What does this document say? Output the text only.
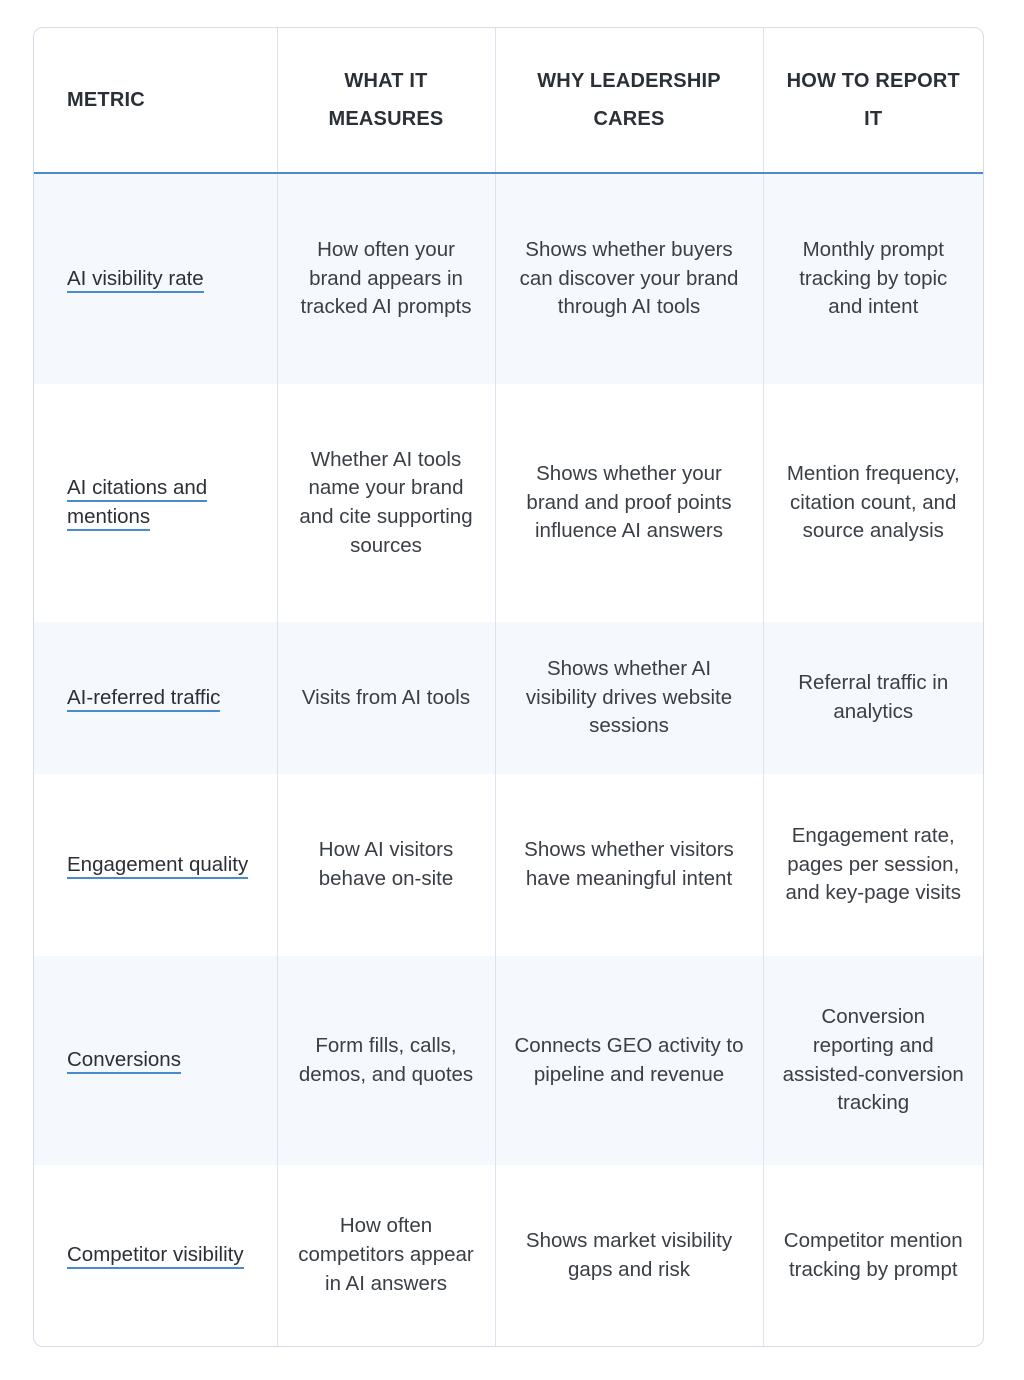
METRIC	WHAT IT MEASURES	WHY LEADERSHIP CARES	HOW TO REPORT IT
AI visibility rate	How often your brand appears in tracked AI prompts	Shows whether buyers can discover your brand through AI tools	Monthly prompt tracking by topic and intent
AI citations and mentions	Whether AI tools name your brand and cite supporting sources	Shows whether your brand and proof points influence AI answers	Mention frequency, citation count, and source analysis
AI-referred traffic	Visits from AI tools	Shows whether AI visibility drives website sessions	Referral traffic in analytics
Engagement quality	How AI visitors behave on-site	Shows whether visitors have meaningful intent	Engagement rate, pages per session, and key-page visits
Conversions	Form fills, calls, demos, and quotes	Connects GEO activity to pipeline and revenue	Conversion reporting and assisted-conversion tracking
Competitor visibility	How often competitors appear in AI answers	Shows market visibility gaps and risk	Competitor mention tracking by prompt
